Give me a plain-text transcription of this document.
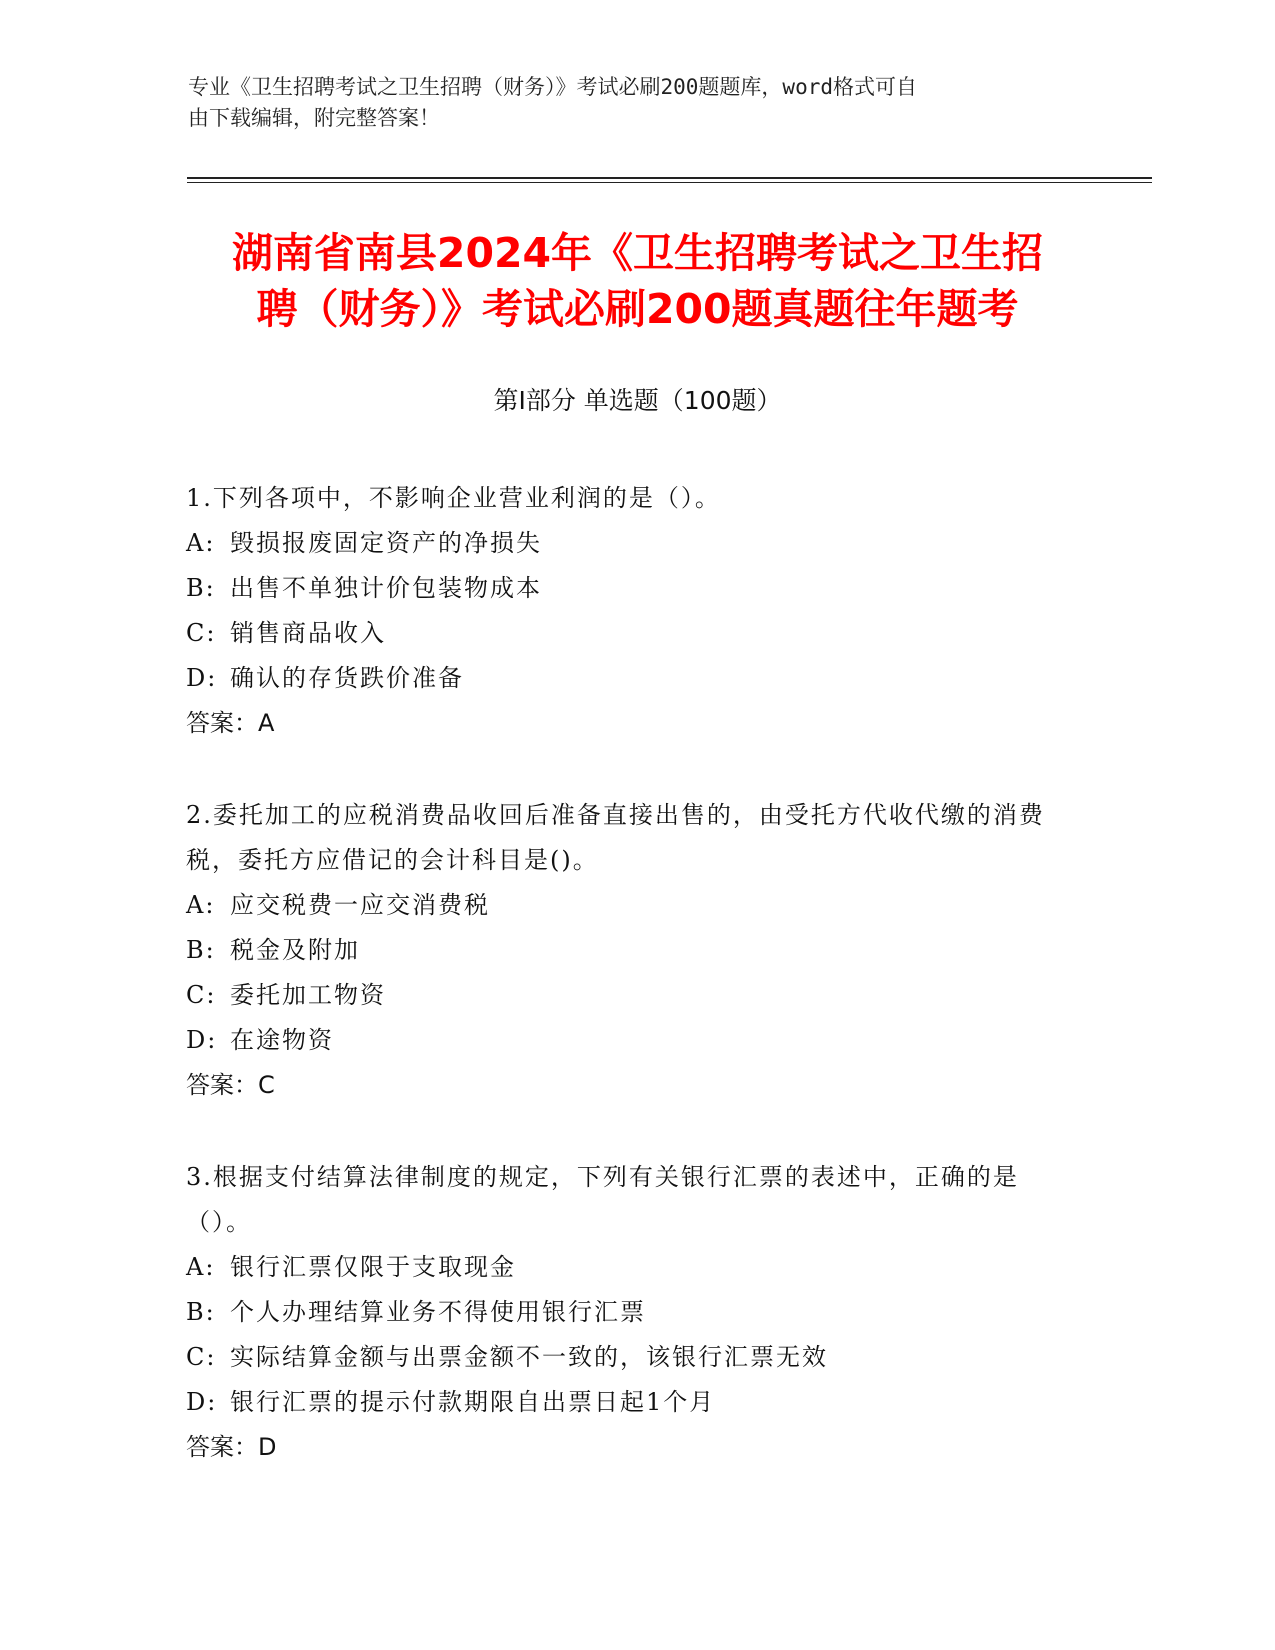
专业《卫生招聘考试之卫生招聘（财务）》考试必刷200题题库，word格式可自
由下载编辑，附完整答案！
湖南省南县2024年《卫生招聘考试之卫生招
聘（财务）》考试必刷200题真题往年题考
第Ⅰ部分 单选题（100题）

1.下列各项中，不影响企业营业利润的是（）。

A: 毁损报废固定资产的净损失

B: 出售不单独计价包装物成本

C: 销售商品收入

D: 确认的存货跌价准备

答案：A

2.委托加工的应税消费品收回后准备直接出售的，由受托方代收代缴的消费税，委托方应借记的会计科目是()。

A: 应交税费一应交消费税

B: 税金及附加

C: 委托加工物资

D: 在途物资

答案：C

3.根据支付结算法律制度的规定，下列有关银行汇票的表述中，正确的是（）。

A: 银行汇票仅限于支取现金

B: 个人办理结算业务不得使用银行汇票

C: 实际结算金额与出票金额不一致的，该银行汇票无效

D: 银行汇票的提示付款期限自出票日起1个月

答案：D
